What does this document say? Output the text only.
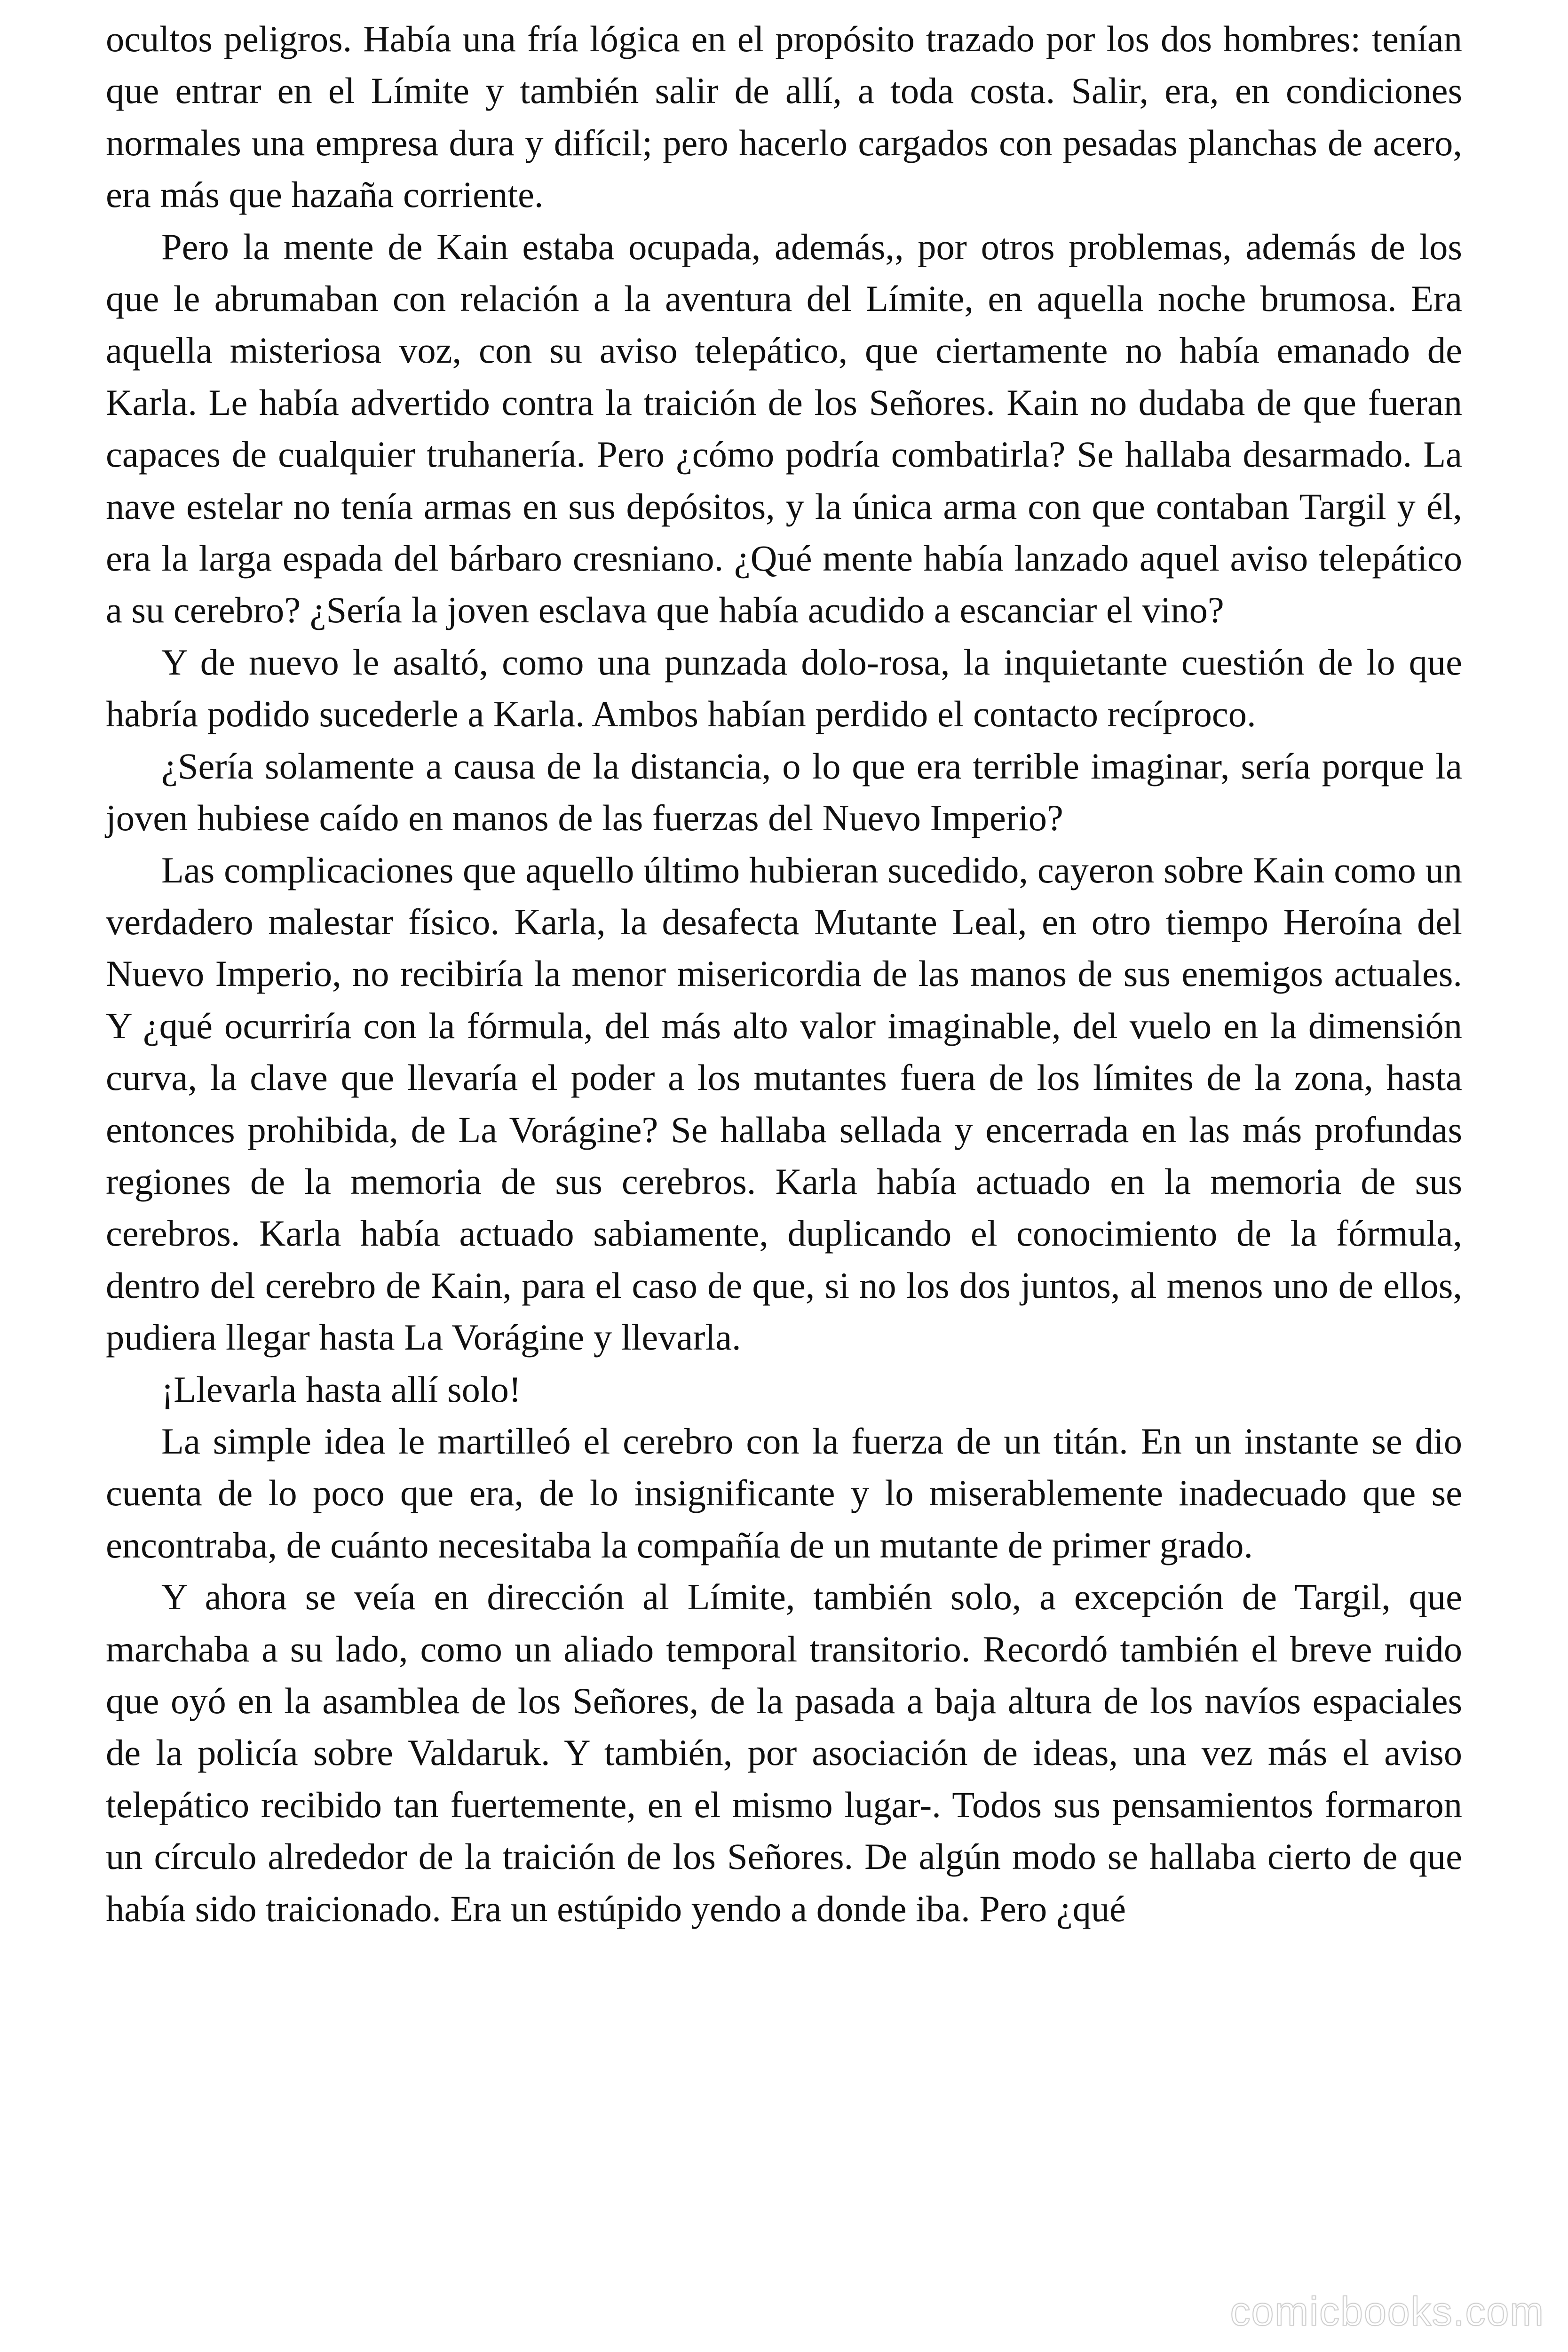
ocultos peligros. Había una fría lógica en el propósito trazado por los dos hombres: tenían que entrar en el Límite y también salir de allí, a toda costa. Salir, era, en condiciones normales una empresa dura y difícil; pero hacerlo cargados con pesadas planchas de acero, era más que hazaña corriente.

Pero la mente de Kain estaba ocupada, además,, por otros problemas, además de los que le abrumaban con relación a la aventura del Límite, en aquella noche brumosa. Era aquella misteriosa voz, con su aviso telepático, que ciertamente no había emanado de Karla. Le había advertido contra la traición de los Señores. Kain no dudaba de que fueran capaces de cualquier truhanería. Pero ¿cómo podría combatirla? Se hallaba desarmado. La nave estelar no tenía armas en sus depósitos, y la única arma con que contaban Targil y él, era la larga espada del bárbaro cresniano. ¿Qué mente había lanzado aquel aviso telepático a su cerebro? ¿Sería la joven esclava que había acudido a escanciar el vino?

Y de nuevo le asaltó, como una punzada dolo-rosa, la inquietante cuestión de lo que habría podido sucederle a Karla. Ambos habían perdido el contacto recíproco.

¿Sería solamente a causa de la distancia, o lo que era terrible imaginar, sería porque la joven hubiese caído en manos de las fuerzas del Nuevo Imperio?

Las complicaciones que aquello último hubieran sucedido, cayeron sobre Kain como un verdadero malestar físico. Karla, la desafecta Mutante Leal, en otro tiempo Heroína del Nuevo Imperio, no recibiría la menor misericordia de las manos de sus enemigos actuales. Y ¿qué ocurriría con la fórmula, del más alto valor imaginable, del vuelo en la dimensión curva, la clave que llevaría el poder a los mutantes fuera de los límites de la zona, hasta entonces prohibida, de La Vorágine? Se hallaba sellada y encerrada en las más profundas regiones de la memoria de sus cerebros. Karla había actuado en la memoria de sus cerebros. Karla había actuado sabiamente, duplicando el conocimiento de la fórmula, dentro del cerebro de Kain, para el caso de que, si no los dos juntos, al menos uno de ellos, pudiera llegar hasta La Vorágine y llevarla.

¡Llevarla hasta allí solo!

La simple idea le martilleó el cerebro con la fuerza de un titán. En un instante se dio cuenta de lo poco que era, de lo insignificante y lo miserablemente inadecuado que se encontraba, de cuánto necesitaba la compañía de un mutante de primer grado.

Y ahora se veía en dirección al Límite, también solo, a excepción de Targil, que marchaba a su lado, como un aliado temporal transitorio. Recordó también el breve ruido que oyó en la asamblea de los Señores, de la pasada a baja altura de los navíos espaciales de la policía sobre Valdaruk. Y también, por asociación de ideas, una vez más el aviso telepático recibido tan fuertemente, en el mismo lugar-. Todos sus pensamientos formaron un círculo alrededor de la traición de los Señores. De algún modo se hallaba cierto de que había sido traicionado. Era un estúpido yendo a donde iba. Pero ¿qué

comicbooks.com
